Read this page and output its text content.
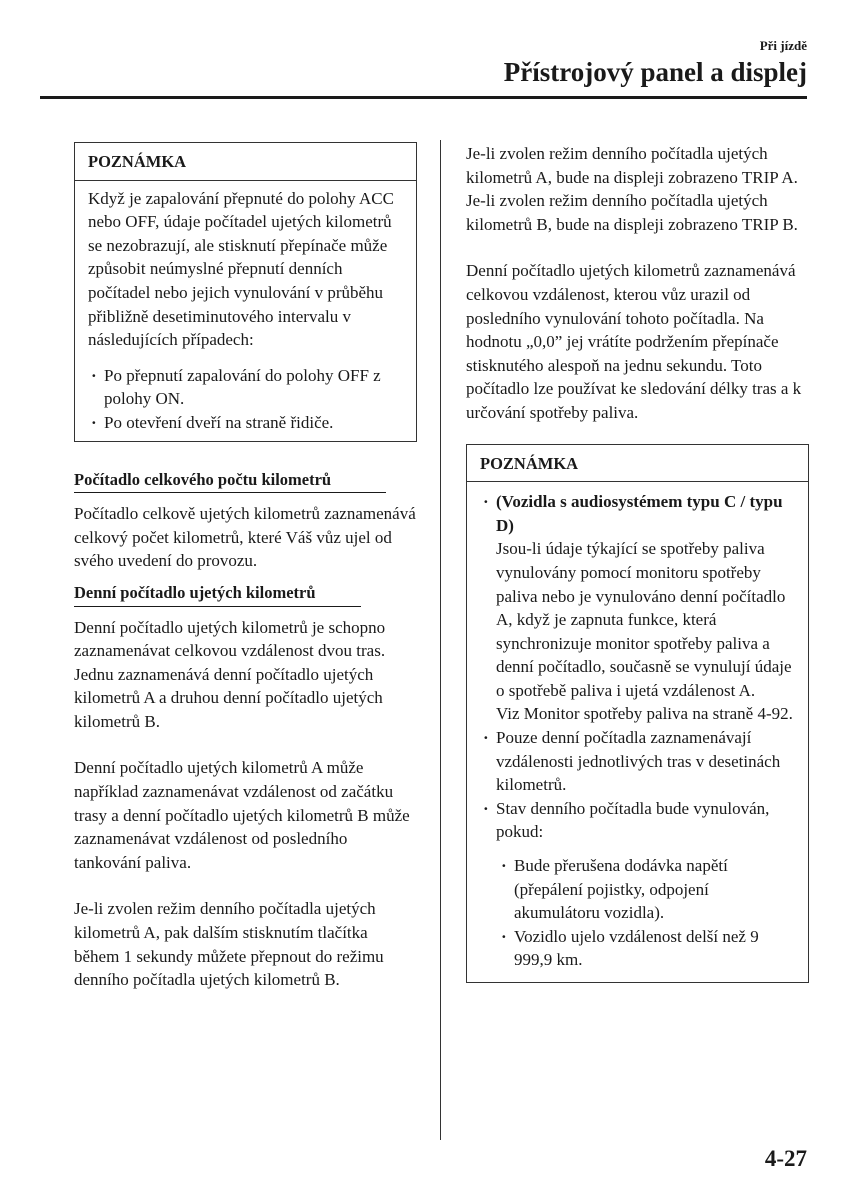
Při jízdě
Přístrojový panel a displej
POZNÁMKA
Když je zapalování přepnuté do polohy ACC nebo OFF, údaje počítadel ujetých kilometrů se nezobrazují, ale stisknutí přepínače může způsobit neúmyslné přepnutí denních počítadel nebo jejich vynulování v průběhu přibližně desetiminutového intervalu v následujících případech:
· Po přepnutí zapalování do polohy OFF z polohy ON.
· Po otevření dveří na straně řidiče.
Počítadlo celkového počtu kilometrů

Počítadlo celkově ujetých kilometrů zaznamenává celkový počet kilometrů, které Váš vůz ujel od svého uvedení do provozu.

Denní počítadlo ujetých kilometrů

Denní počítadlo ujetých kilometrů je schopno zaznamenávat celkovou vzdálenost dvou tras. Jednu zaznamenává denní počítadlo ujetých kilometrů A a druhou denní počítadlo ujetých kilometrů B.

Denní počítadlo ujetých kilometrů A může například zaznamenávat vzdálenost od začátku trasy a denní počítadlo ujetých kilometrů B může zaznamenávat vzdálenost od posledního tankování paliva.

Je-li zvolen režim denního počítadla ujetých kilometrů A, pak dalším stisknutím tlačítka během 1 sekundy můžete přepnout do režimu denního počítadla ujetých kilometrů B.

Je-li zvolen režim denního počítadla ujetých kilometrů A, bude na displeji zobrazeno TRIP A. Je-li zvolen režim denního počítadla ujetých kilometrů B, bude na displeji zobrazeno TRIP B.

Denní počítadlo ujetých kilometrů zaznamenává celkovou vzdálenost, kterou vůz urazil od posledního vynulování tohoto počítadla. Na hodnotu „0,0” jej vrátíte podržením přepínače stisknutého alespoň na jednu sekundu. Toto počítadlo lze používat ke sledování délky tras a k určování spotřeby paliva.

POZNÁMKA
· (Vozidla s audiosystémem typu C / typu D)
Jsou-li údaje týkající se spotřeby paliva vynulovány pomocí monitoru spotřeby paliva nebo je vynulováno denní počítadlo A, když je zapnuta funkce, která synchronizuje monitor spotřeby paliva a denní počítadlo, současně se vynulují údaje o spotřebě paliva i ujetá vzdálenost A.
Viz Monitor spotřeby paliva na straně 4-92.
· Pouze denní počítadla zaznamenávají vzdálenosti jednotlivých tras v desetinách kilometrů.
· Stav denního počítadla bude vynulován, pokud:
· Bude přerušena dodávka napětí (přepálení pojistky, odpojení akumulátoru vozidla).
· Vozidlo ujelo vzdálenost delší než 9 999,9 km.
4-27
